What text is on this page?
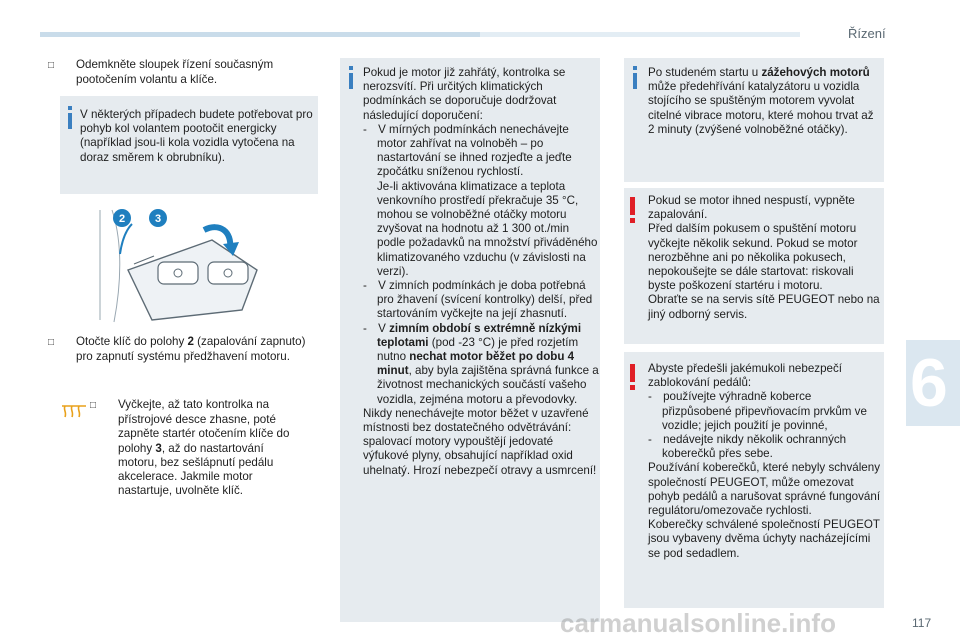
Řízení
6
117
□ Odemkněte sloupek řízení současným pootočením volantu a klíče.
V některých případech budete potřebovat pro pohyb kol volantem pootočit energicky (například jsou-li kola vozidla vytočena na doraz směrem k obrubníku).
2	3
□ Otočte klíč do polohy 2 (zapalování zapnuto) pro zapnutí systému předžhavení motoru.
□ Vyčkejte, až tato kontrolka na přístrojové desce zhasne, poté zapněte startér otočením klíče do polohy 3, až do nastartování motoru, bez sešlápnutí pedálu akcelerace. Jakmile motor nastartuje, uvolněte klíč.
Pokud je motor již zahřátý, kontrolka se nerozsvítí. Při určitých klimatických podmínkách se doporučuje dodržovat následující doporučení:
- V mírných podmínkách nenechávejte motor zahřívat na volnoběh – po nastartování se ihned rozjeďte a jeďte zpočátku sníženou rychlostí.
Je-li aktivována klimatizace a teplota venkovního prostředí překračuje 35 °C, mohou se volnoběžné otáčky motoru zvyšovat na hodnotu až 1 300 ot./min podle požadavků na množství přiváděného klimatizovaného vzduchu (v závislosti na verzi).
- V zimních podmínkách je doba potřebná pro žhavení (svícení kontrolky) delší, před startováním vyčkejte na její zhasnutí.
- V zimním období s extrémně nízkými teplotami (pod -23 °C) je před rozjetím nutno nechat motor běžet po dobu 4 minut, aby byla zajištěna správná funkce a životnost mechanických součástí vašeho vozidla, zejména motoru a převodovky.
Nikdy nenechávejte motor běžet v uzavřené místnosti bez dostatečného odvětrávání: spalovací motory vypouštějí jedovaté výfukové plyny, obsahující například oxid uhelnatý. Hrozí nebezpečí otravy a usmrcení!
Po studeném startu u zážehových motorů může předehřívání katalyzátoru u vozidla stojícího se spuštěným motorem vyvolat citelné vibrace motoru, které mohou trvat až 2 minuty (zvýšené volnoběžné otáčky).
Pokud se motor ihned nespustí, vypněte zapalování.
Před dalším pokusem o spuštění motoru vyčkejte několik sekund. Pokud se motor nerozběhne ani po několika pokusech, nepokoušejte se dále startovat: riskovali byste poškození startéru i motoru.
Obraťte se na servis sítě PEUGEOT nebo na jiný odborný servis.
Abyste předešli jakémukoli nebezpečí zablokování pedálů:
- používejte výhradně koberce přizpůsobené připevňovacím prvkům ve vozidle; jejich použití je povinné,
- nedávejte nikdy několik ochranných koberečků přes sebe.
Používání koberečků, které nebyly schváleny společností PEUGEOT, může omezovat pohyb pedálů a narušovat správné fungování regulátoru/omezovače rychlosti.
Koberečky schválené společností PEUGEOT jsou vybaveny dvěma úchyty nacházejícími se pod sedadlem.
carmanualsonline.info
